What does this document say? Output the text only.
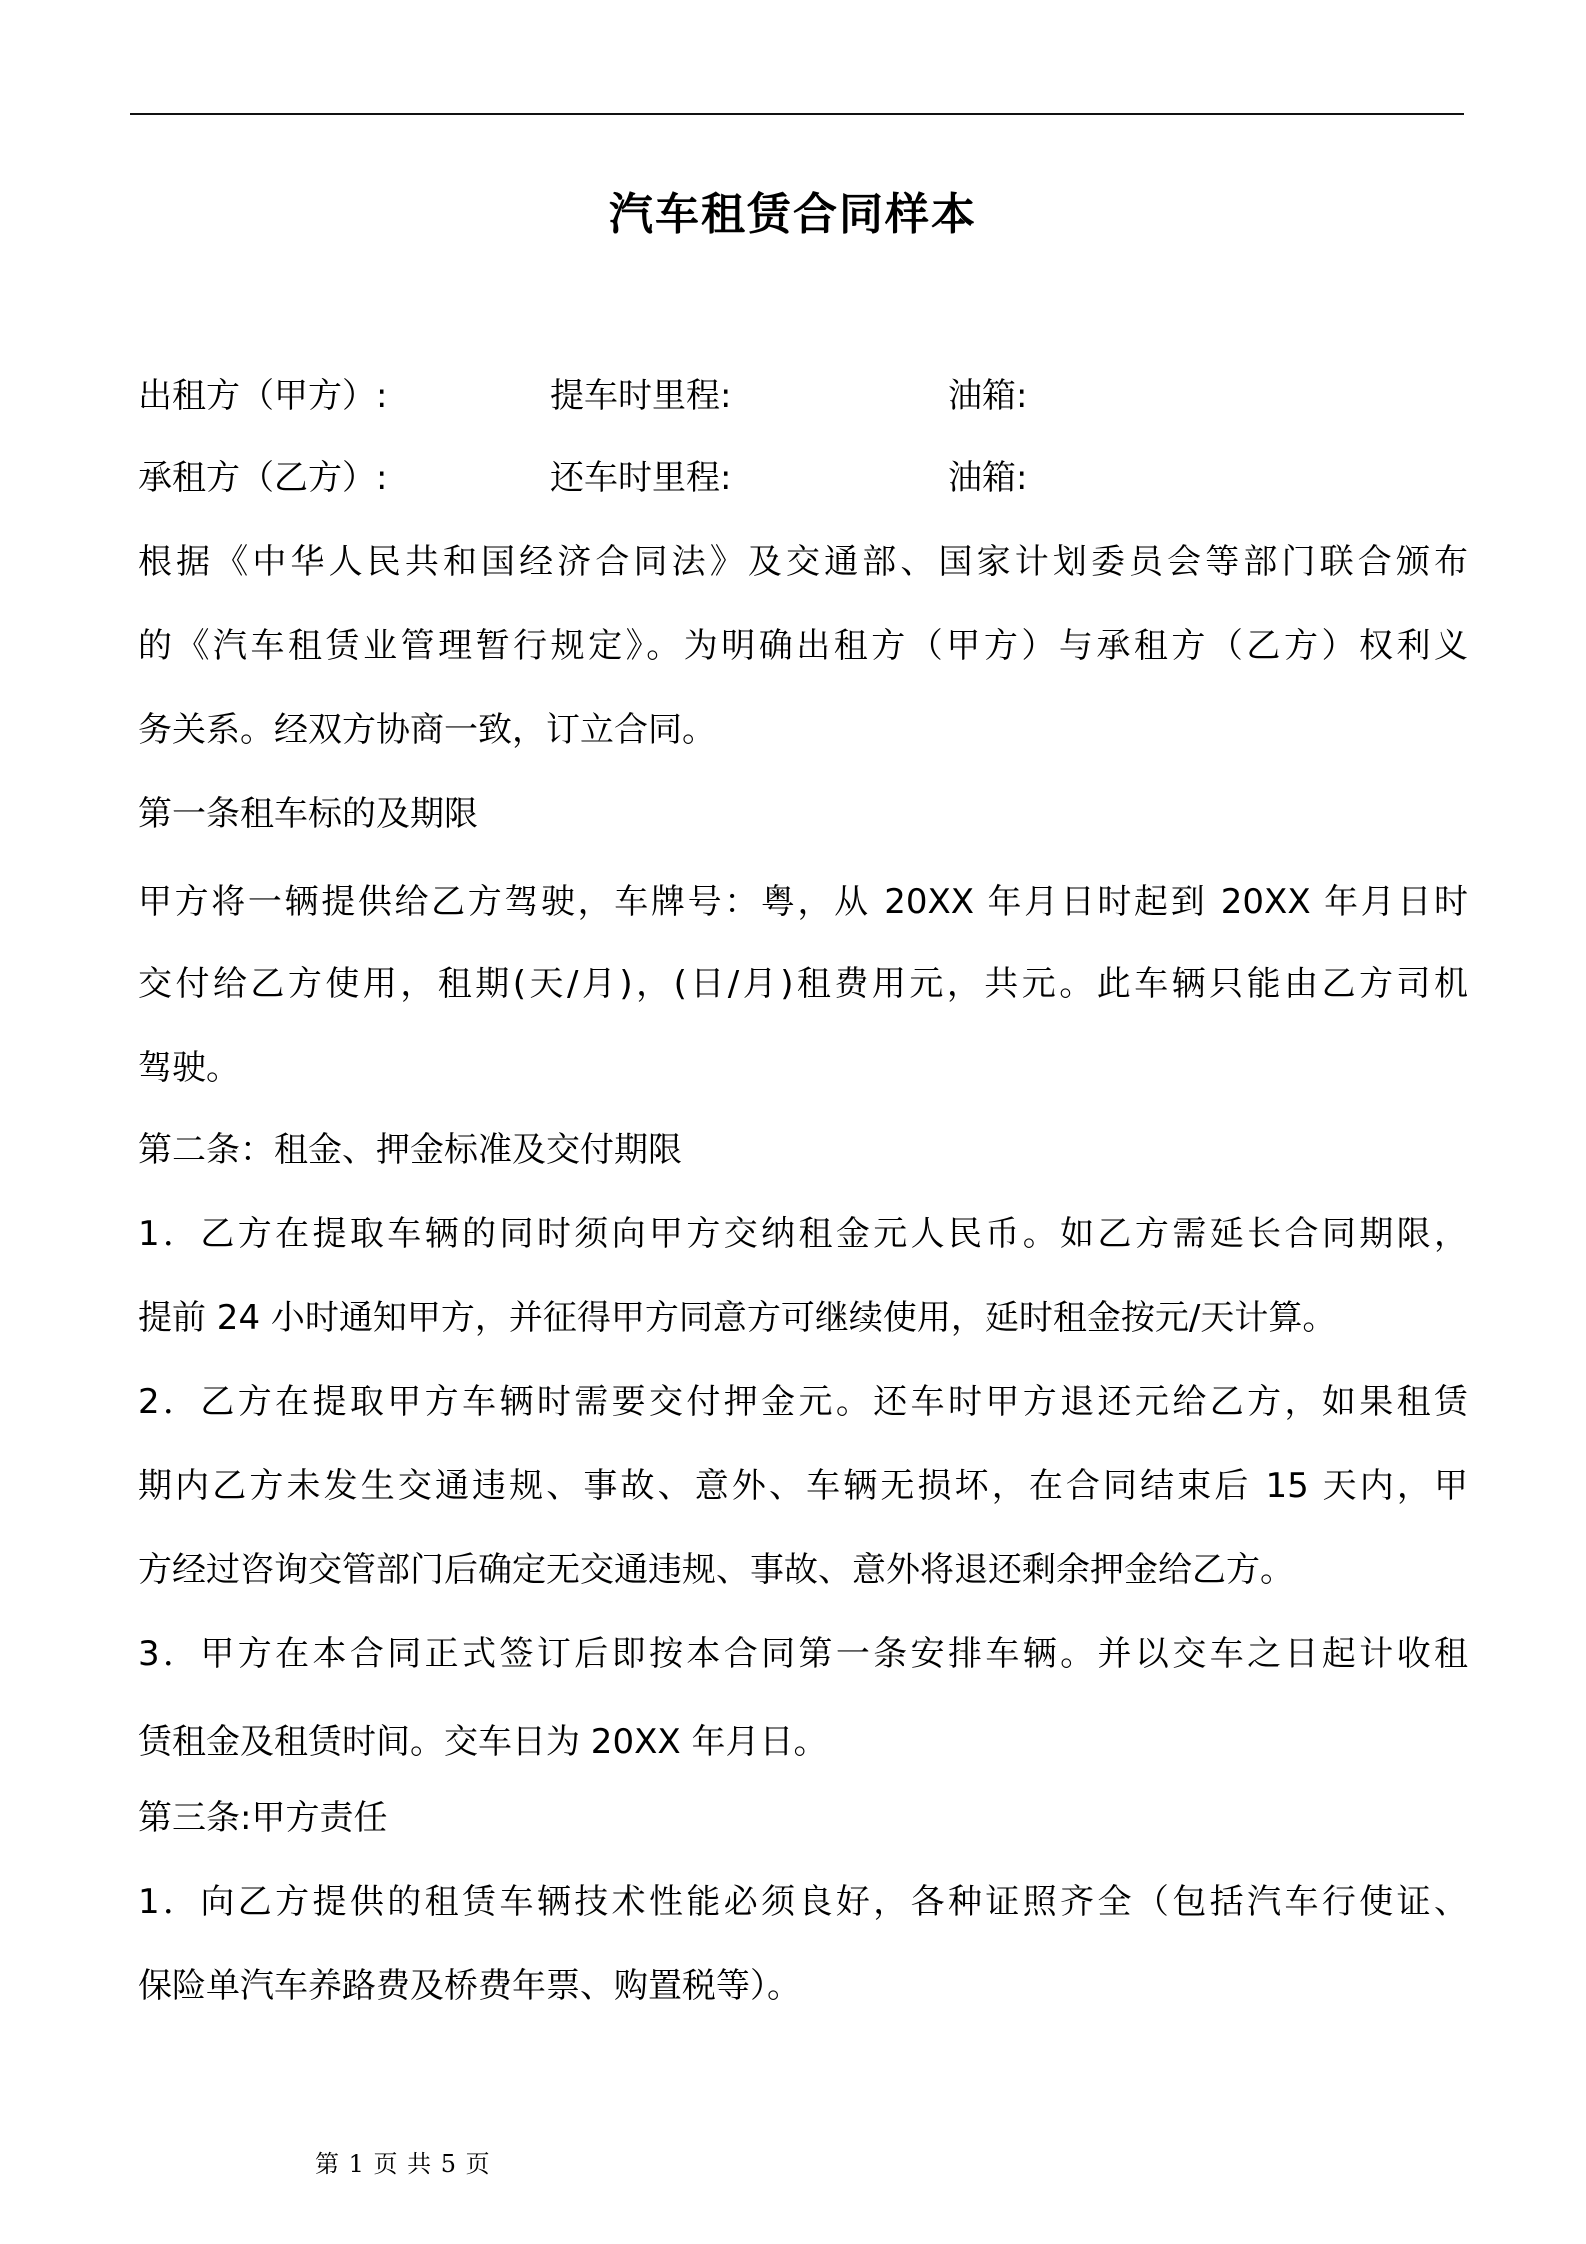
汽车租赁合同样本
出租方（甲方）:	提车时里程:	油箱:
承租方（乙方）:	还车时里程:	油箱:
根据《中华人民共和国经济合同法》及交通部、国家计划委员会等部门联合颁布
的《汽车租赁业管理暂行规定》。为明确出租方（甲方）与承租方（乙方）权利义
务关系。经双方协商一致，订立合同。
第一条租车标的及期限
甲方将一辆提供给乙方驾驶，车牌号：粤，从 20XX 年月日时起到 20XX 年月日时
交付给乙方使用，租期(天/月)，(日/月)租费用元，共元。此车辆只能由乙方司机
驾驶。
第二条：租金、押金标准及交付期限
1．乙方在提取车辆的同时须向甲方交纳租金元人民币。如乙方需延长合同期限，
提前 24 小时通知甲方，并征得甲方同意方可继续使用，延时租金按元/天计算。
2．乙方在提取甲方车辆时需要交付押金元。还车时甲方退还元给乙方，如果租赁
期内乙方未发生交通违规、事故、意外、车辆无损坏，在合同结束后 15 天内，甲
方经过咨询交管部门后确定无交通违规、事故、意外将退还剩余押金给乙方。
3．甲方在本合同正式签订后即按本合同第一条安排车辆。并以交车之日起计收租
赁租金及租赁时间。交车日为 20XX 年月日。
第三条:甲方责任
1．向乙方提供的租赁车辆技术性能必须良好，各种证照齐全（包括汽车行使证、
保险单汽车养路费及桥费年票、购置税等）。
第 1 页 共 5 页
